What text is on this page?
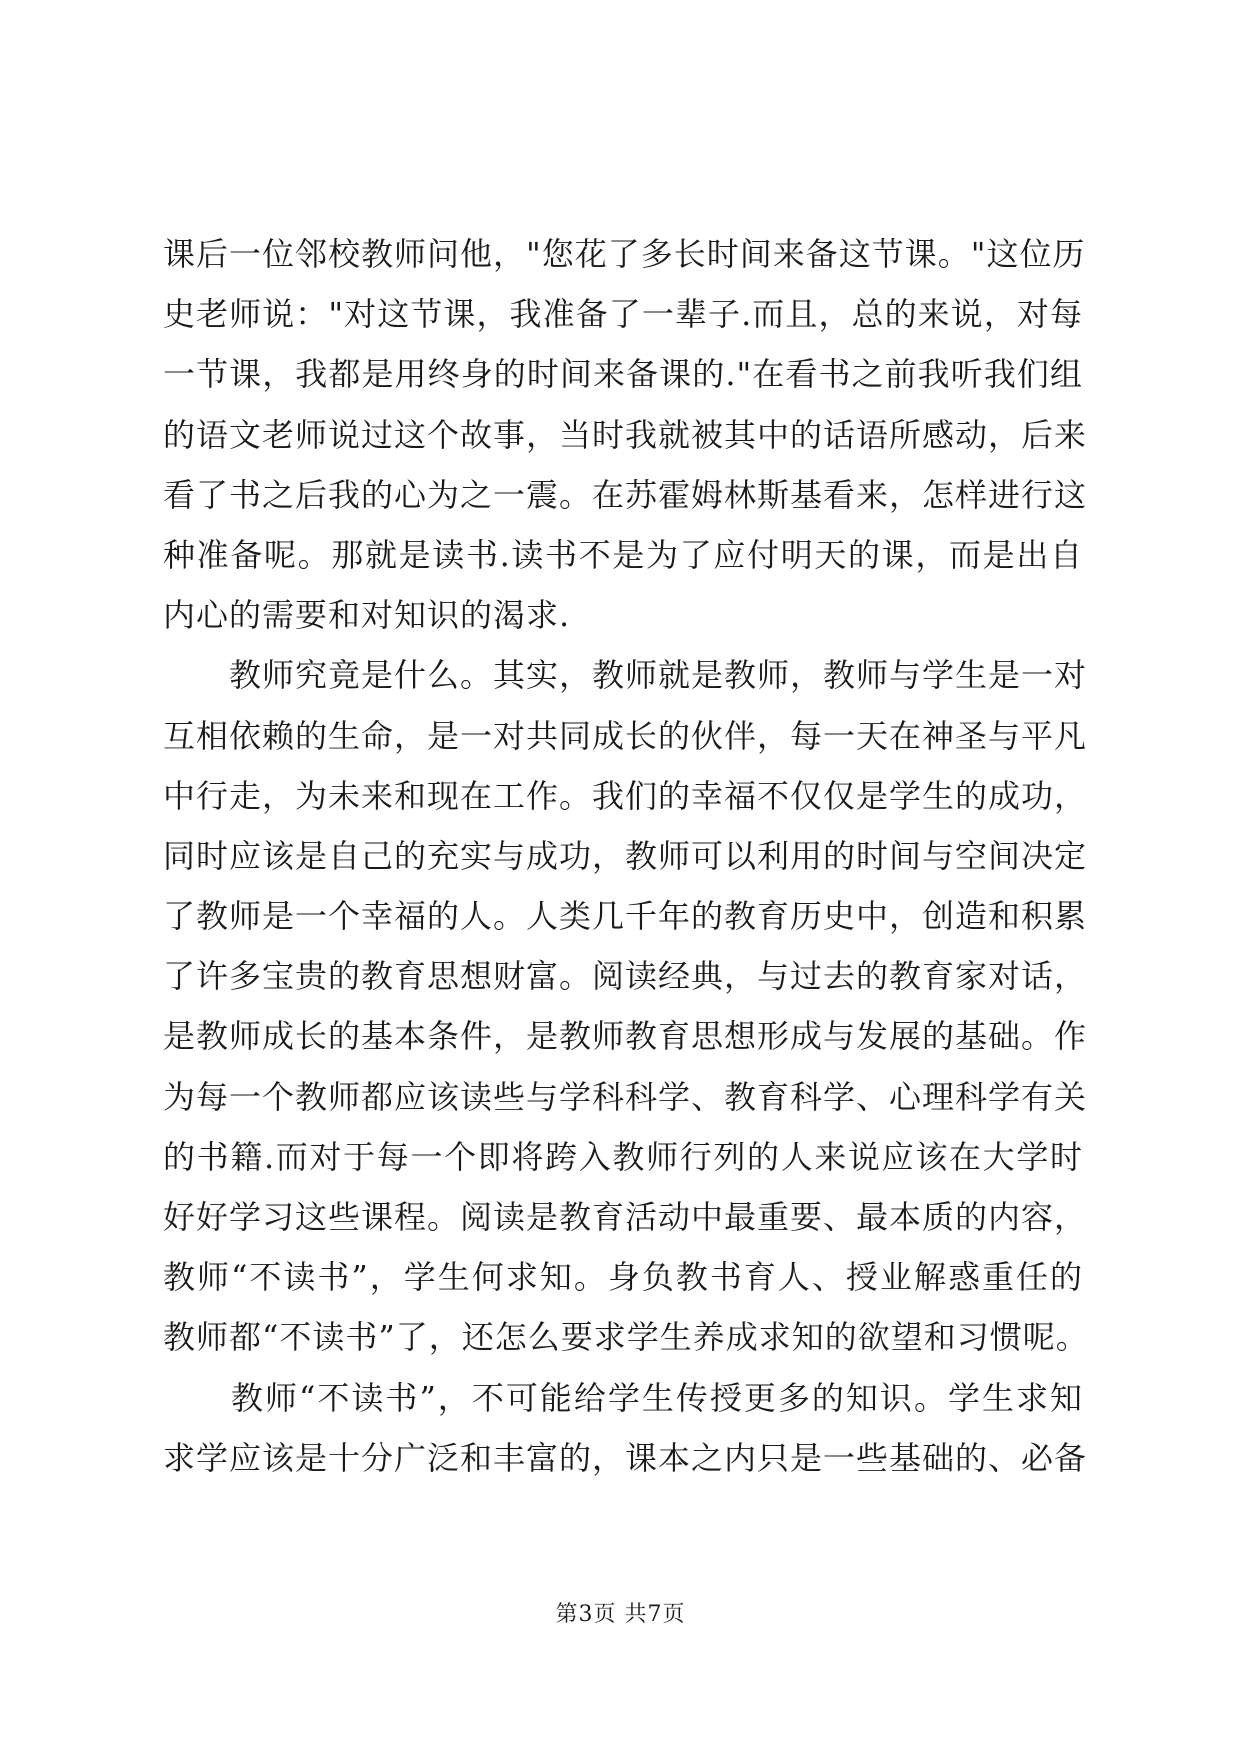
课后一位邻校教师问他，"您花了多长时间来备这节课。"这位历
史老师说："对这节课，我准备了一辈子.而且，总的来说，对每
一节课，我都是用终身的时间来备课的."在看书之前我听我们组
的语文老师说过这个故事，当时我就被其中的话语所感动，后来
看了书之后我的心为之一震。在苏霍姆林斯基看来，怎样进行这
种准备呢。那就是读书.读书不是为了应付明天的课，而是出自
内心的需要和对知识的渴求.
　　教师究竟是什么。其实，教师就是教师，教师与学生是一对
互相依赖的生命，是一对共同成长的伙伴，每一天在神圣与平凡
中行走，为未来和现在工作。我们的幸福不仅仅是学生的成功，
同时应该是自己的充实与成功，教师可以利用的时间与空间决定
了教师是一个幸福的人。人类几千年的教育历史中，创造和积累
了许多宝贵的教育思想财富。阅读经典，与过去的教育家对话，
是教师成长的基本条件，是教师教育思想形成与发展的基础。作
为每一个教师都应该读些与学科科学、教育科学、心理科学有关
的书籍.而对于每一个即将跨入教师行列的人来说应该在大学时
好好学习这些课程。阅读是教育活动中最重要、最本质的内容，
教师“不读书”，学生何求知。身负教书育人、授业解惑重任的
教师都“不读书”了，还怎么要求学生养成求知的欲望和习惯呢。
　　教师“不读书”，不可能给学生传授更多的知识。学生求知
求学应该是十分广泛和丰富的，课本之内只是一些基础的、必备
第3页 共7页
